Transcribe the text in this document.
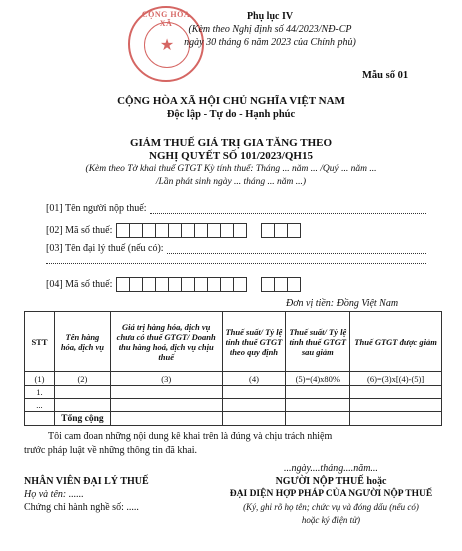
CỘNG HÒA XÃ
★
Phụ lục IV
(Kèm theo Nghị định số 44/2023/NĐ-CP
ngày 30 tháng 6 năm 2023 của Chính phủ)
Mẫu số 01
CỘNG HÒA XÃ HỘI CHỦ NGHĨA VIỆT NAM
Độc lập - Tự do - Hạnh phúc
GIẢM THUẾ GIÁ TRỊ GIA TĂNG THEO
NGHỊ QUYẾT SỐ 101/2023/QH15
(Kèm theo Tờ khai thuế GTGT Kỳ tính thuế: Tháng ... năm ... /Quý ... năm ...
/Lần phát sinh ngày ... tháng ... năm ...)
[01] Tên người nộp thuế:
[02] Mã số thuế:
[03] Tên đại lý thuế (nếu có):
[04] Mã số thuế:
Đơn vị tiền: Đồng Việt Nam
STT	Tên hàng hóa, dịch vụ	Giá trị hàng hóa, dịch vụ chưa có thuế GTGT/ Doanh thu hàng hoá, dịch vụ chịu thuế	Thuế suất/ Tỷ lệ tính thuế GTGT theo quy định	Thuế suất/ Tỷ lệ tính thuế GTGT sau giảm	Thuế GTGT được giảm
(1)	(2)	(3)	(4)	(5)=(4)x80%	(6)=(3)x[(4)-(5)]
1.					
...					
	Tổng cộng				
Tôi cam đoan những nội dung kê khai trên là đúng và chịu trách nhiệm
trước pháp luật về những thông tin đã khai.
NHÂN VIÊN ĐẠI LÝ THUẾ
Họ và tên: ......
Chứng chỉ hành nghề số: .....
...ngày....tháng....năm...
NGƯỜI NỘP THUẾ hoặc
ĐẠI DIỆN HỢP PHÁP CỦA NGƯỜI NỘP THUẾ
(Ký, ghi rõ họ tên; chức vụ và đóng dấu (nếu có)
hoặc ký điện tử)
